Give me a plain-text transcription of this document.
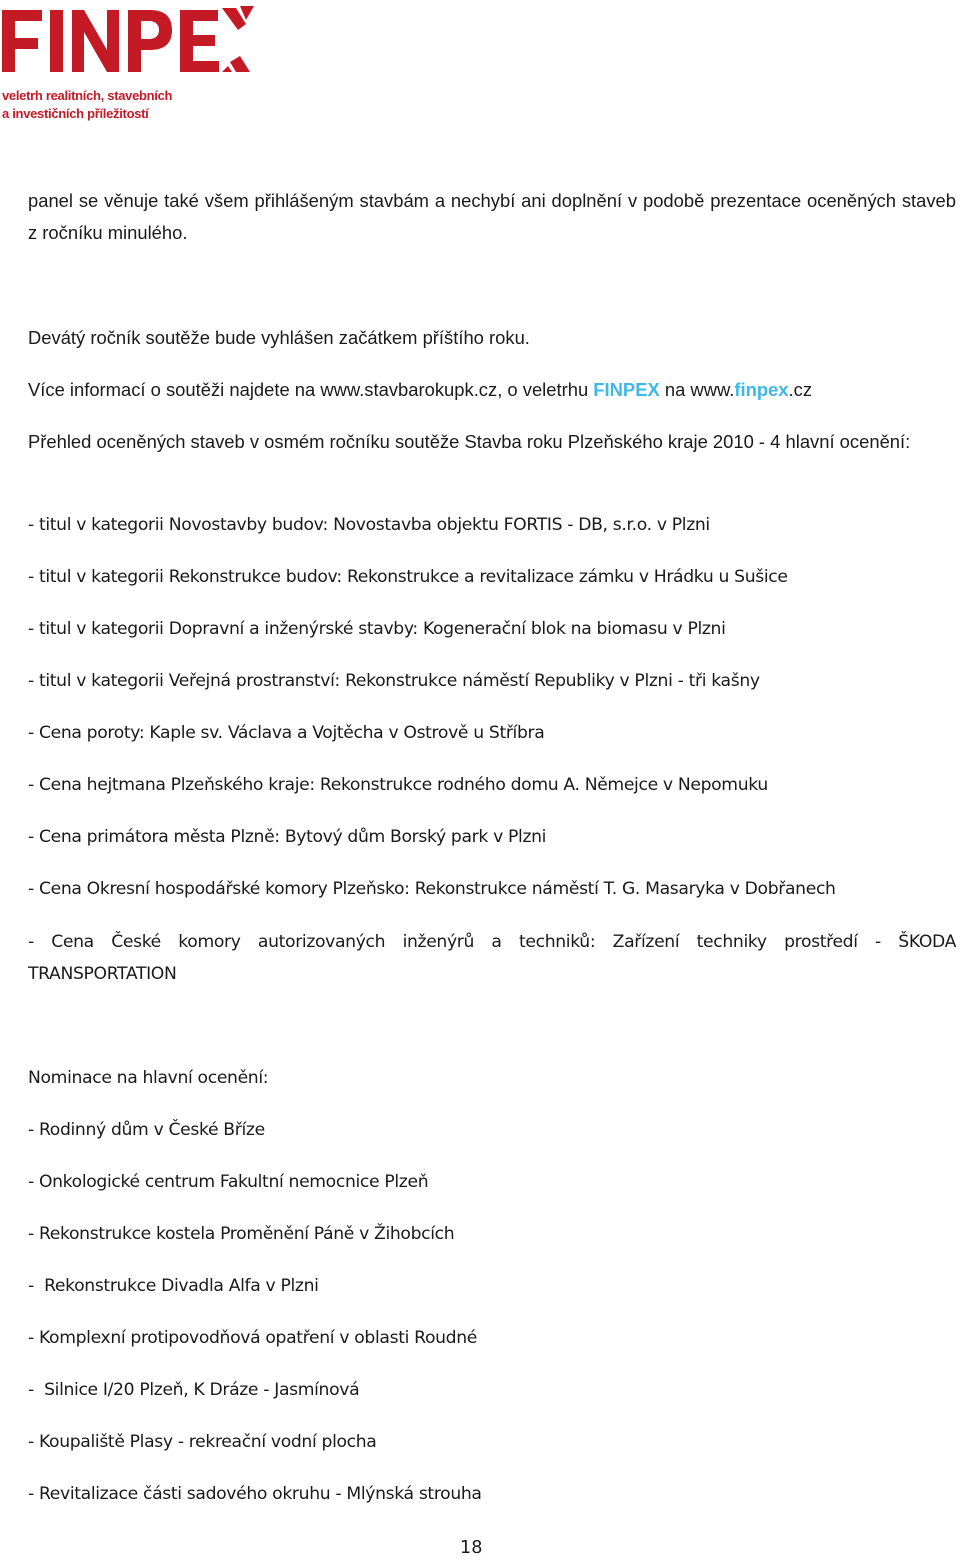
veletrh realitních, stavebních
a investičních příležitostí
panel se věnuje také všem přihlášeným stavbám a nechybí ani doplnění v podobě prezentace oceněných staveb z ročníku minulého.
Devátý ročník soutěže bude vyhlášen začátkem příštího roku.
Více informací o soutěži najdete na www.stavbarokupk.cz, o veletrhu FINPEX na www.finpex.cz
Přehled oceněných staveb v osmém ročníku soutěže Stavba roku Plzeňského kraje 2010 - 4 hlavní ocenění:
- titul v kategorii Novostavby budov: Novostavba objektu FORTIS - DB, s.r.o. v Plzni
- titul v kategorii Rekonstrukce budov: Rekonstrukce a revitalizace zámku v Hrádku u Sušice
- titul v kategorii Dopravní a inženýrské stavby: Kogenerační blok na biomasu v Plzni
- titul v kategorii Veřejná prostranství: Rekonstrukce náměstí Republiky v Plzni - tři kašny
- Cena poroty: Kaple sv. Václava a Vojtěcha v Ostrově u Stříbra
- Cena hejtmana Plzeňského kraje: Rekonstrukce rodného domu A. Němejce v Nepomuku
- Cena primátora města Plzně: Bytový dům Borský park v Plzni
- Cena Okresní hospodářské komory Plzeňsko: Rekonstrukce náměstí T. G. Masaryka v Dobřanech
- Cena České komory autorizovaných inženýrů a techniků: Zařízení techniky prostředí - ŠKODA TRANSPORTATION
Nominace na hlavní ocenění:
- Rodinný dům v České Bříze
- Onkologické centrum Fakultní nemocnice Plzeň
- Rekonstrukce kostela Proměnění Páně v Žihobcích
-  Rekonstrukce Divadla Alfa v Plzni
- Komplexní protipovodňová opatření v oblasti Roudné
-  Silnice I/20 Plzeň, K Dráze - Jasmínová
- Koupaliště Plasy - rekreační vodní plocha
- Revitalizace části sadového okruhu - Mlýnská strouha
18
